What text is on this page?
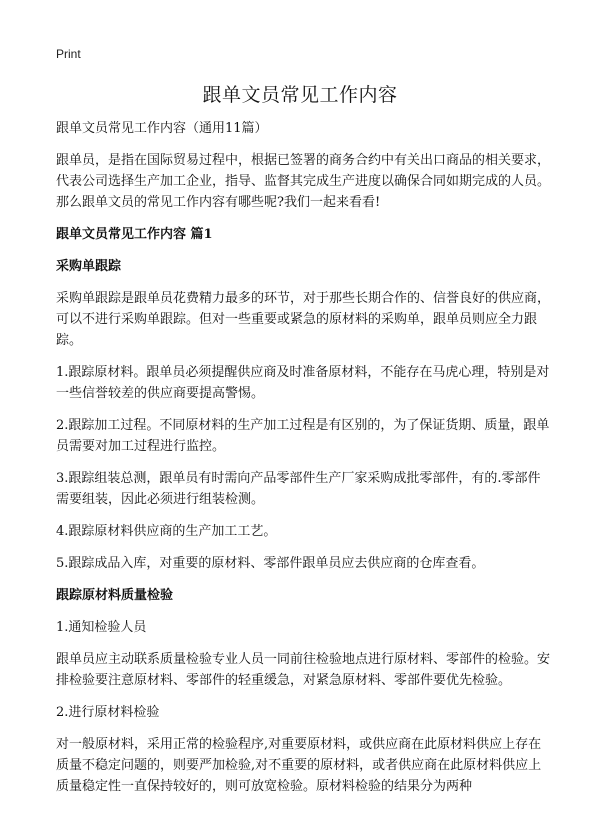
Print
跟单文员常见工作内容

跟单文员常见工作内容（通用11篇）

跟单员，是指在国际贸易过程中，根据已签署的商务合约中有关出口商品的相关要求，代表公司选择生产加工企业，指导、监督其完成生产进度以确保合同如期完成的人员。那么跟单文员的常见工作内容有哪些呢?我们一起来看看!

跟单文员常见工作内容 篇1

采购单跟踪

采购单跟踪是跟单员花费精力最多的环节，对于那些长期合作的、信誉良好的供应商，可以不进行采购单跟踪。但对一些重要或紧急的原材料的采购单，跟单员则应全力跟踪。

1.跟踪原材料。跟单员必须提醒供应商及时准备原材料，不能存在马虎心理，特别是对一些信誉较差的供应商要提高警惕。

2.跟踪加工过程。不同原材料的生产加工过程是有区别的，为了保证货期、质量，跟单员需要对加工过程进行监控。

3.跟踪组装总测，跟单员有时需向产品零部件生产厂家采购成批零部件，有的.零部件需要组装，因此必须进行组装检测。

4.跟踪原材料供应商的生产加工工艺。

5.跟踪成品入库，对重要的原材料、零部件跟单员应去供应商的仓库查看。

跟踪原材料质量检验

1.通知检验人员

跟单员应主动联系质量检验专业人员一同前往检验地点进行原材料、零部件的检验。安排检验要注意原材料、零部件的轻重缓急，对紧急原材料、零部件要优先检验。

2.进行原材料检验

对一般原材料，采用正常的检验程序,对重要原材料，或供应商在此原材料供应上存在质量不稳定问题的，则要严加检验,对不重要的原材料，或者供应商在此原材料供应上质量稳定性一直保持较好的，则可放宽检验。原材料检验的结果分为两种
